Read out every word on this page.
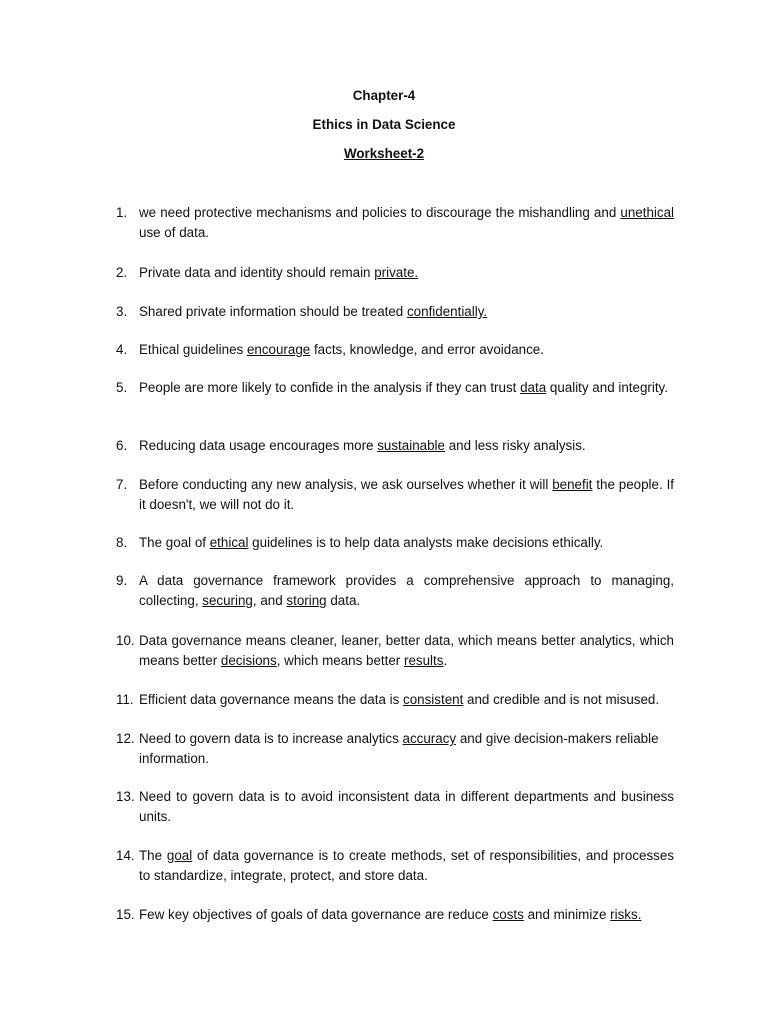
Chapter-4
Ethics in Data Science
Worksheet-2
1. we need protective mechanisms and policies to discourage the mishandling and unethical use of data.
2. Private data and identity should remain private.
3. Shared private information should be treated confidentially.
4. Ethical guidelines encourage facts, knowledge, and error avoidance.
5. People are more likely to confide in the analysis if they can trust data quality and integrity.
6. Reducing data usage encourages more sustainable and less risky analysis.
7. Before conducting any new analysis, we ask ourselves whether it will benefit the people. If it doesn't, we will not do it.
8. The goal of ethical guidelines is to help data analysts make decisions ethically.
9. A data governance framework provides a comprehensive approach to managing, collecting, securing, and storing data.
10. Data governance means cleaner, leaner, better data, which means better analytics, which means better decisions, which means better results.
11. Efficient data governance means the data is consistent and credible and is not misused.
12. Need to govern data is to increase analytics accuracy and give decision-makers reliable information.
13. Need to govern data is to avoid inconsistent data in different departments and business units.
14. The goal of data governance is to create methods, set of responsibilities, and processes to standardize, integrate, protect, and store data.
15. Few key objectives of goals of data governance are reduce costs and minimize risks.
